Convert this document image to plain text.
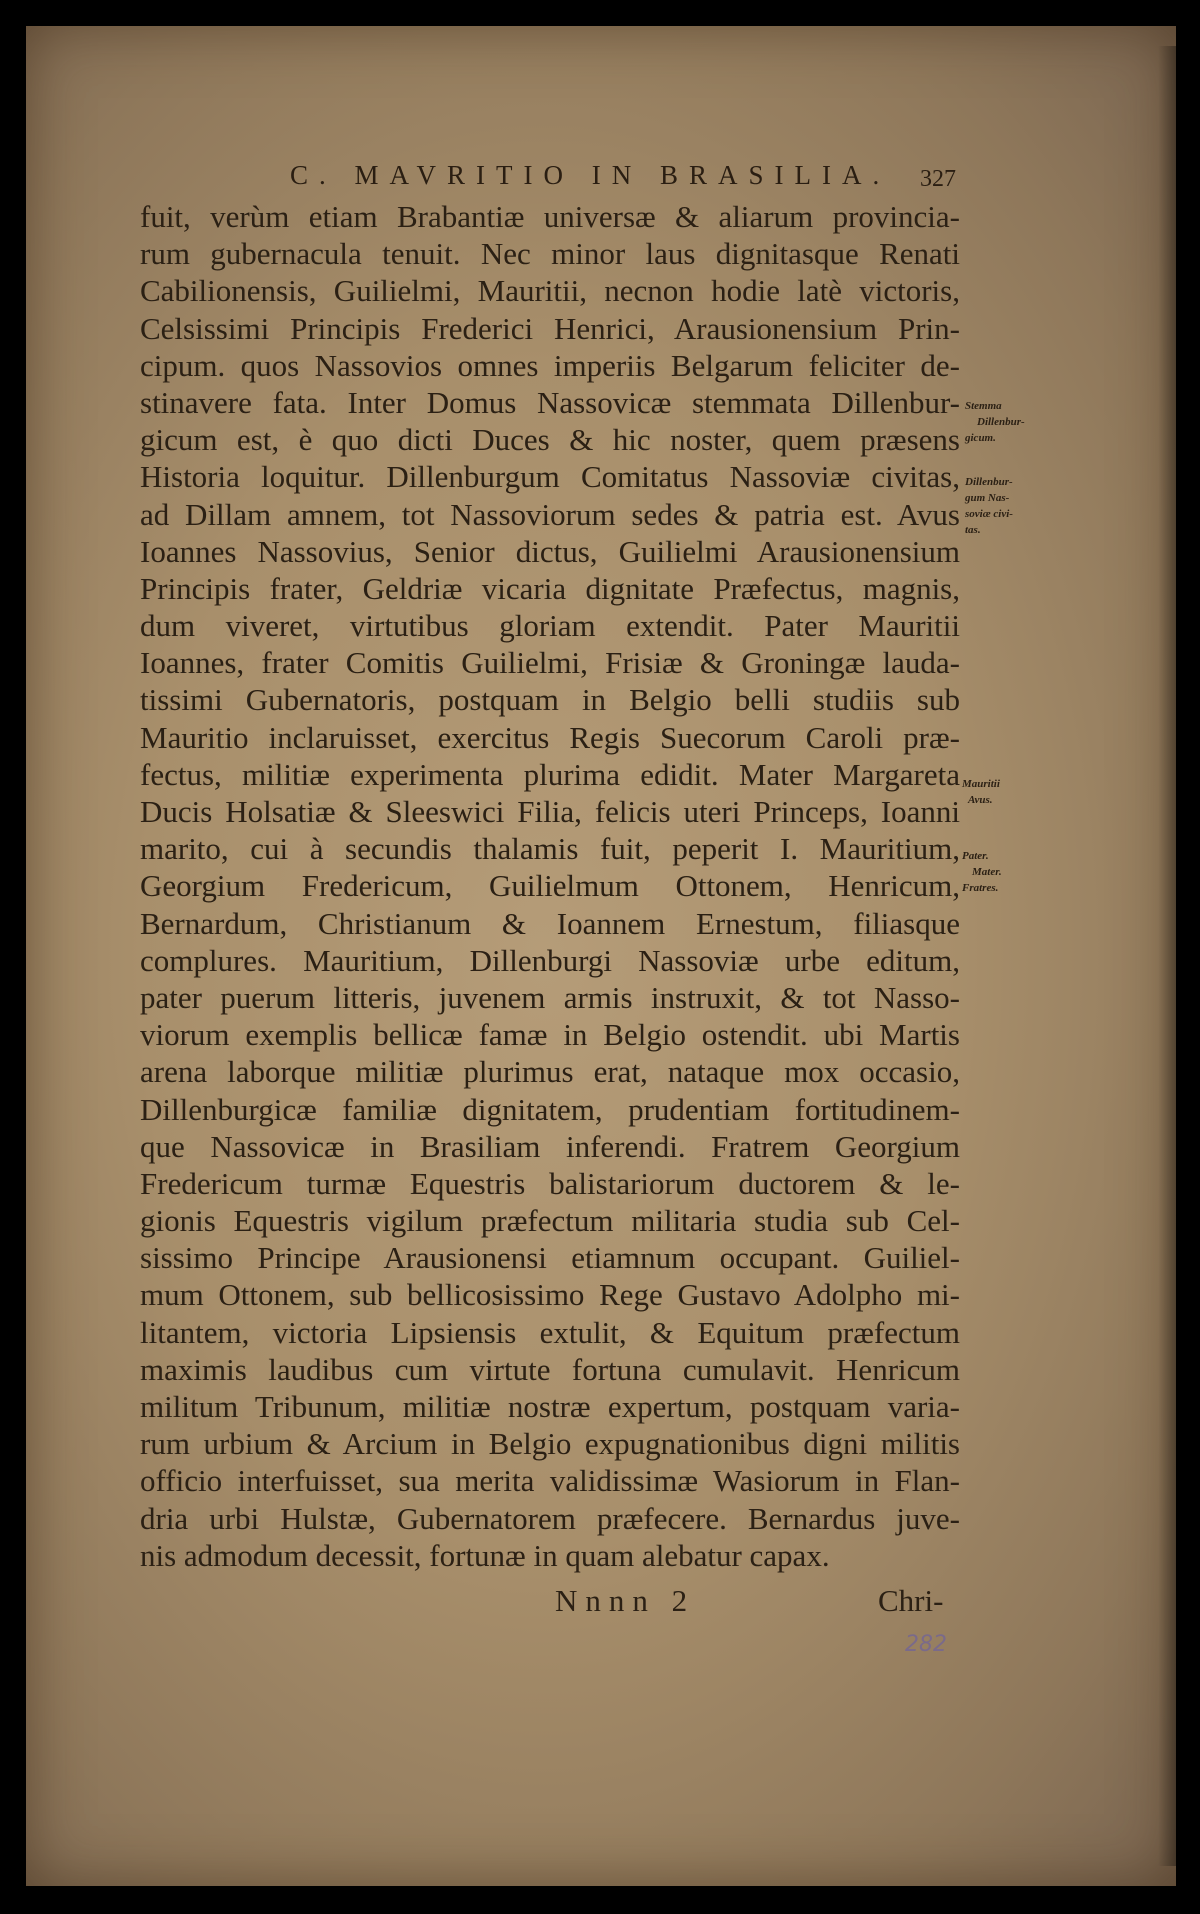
C. MAVRITIO IN BRASILIA. 327
fuit, verùm etiam Brabantiæ universæ & aliarum provincia-
rum gubernacula tenuit. Nec minor laus dignitasque Renati
Cabilionensis, Guilielmi, Mauritii, necnon hodie latè victoris,
Celsissimi Principis Frederici Henrici, Arausionensium Prin-
cipum. quos Nassovios omnes imperiis Belgarum feliciter de-
stinavere fata. Inter Domus Nassovicæ stemmata Dillenbur-
gicum est, è quo dicti Duces & hic noster, quem præsens
Historia loquitur. Dillenburgum Comitatus Nassoviæ civitas,
ad Dillam amnem, tot Nassoviorum sedes & patria est. Avus
Ioannes Nassovius, Senior dictus, Guilielmi Arausionensium
Principis frater, Geldriæ vicaria dignitate Præfectus, magnis,
dum viveret, virtutibus gloriam extendit. Pater Mauritii
Ioannes, frater Comitis Guilielmi, Frisiæ & Groningæ lauda-
tissimi Gubernatoris, postquam in Belgio belli studiis sub
Mauritio inclaruisset, exercitus Regis Suecorum Caroli præ-
fectus, militiæ experimenta plurima edidit. Mater Margareta
Ducis Holsatiæ & Sleeswici Filia, felicis uteri Princeps, Ioanni
marito, cui à secundis thalamis fuit, peperit I. Mauritium,
Georgium Fredericum, Guilielmum Ottonem, Henricum,
Bernardum, Christianum & Ioannem Ernestum, filiasque
complures. Mauritium, Dillenburgi Nassoviæ urbe editum,
pater puerum litteris, juvenem armis instruxit, & tot Nasso-
viorum exemplis bellicæ famæ in Belgio ostendit. ubi Martis
arena laborque militiæ plurimus erat, nataque mox occasio,
Dillenburgicæ familiæ dignitatem, prudentiam fortitudinem-
que Nassovicæ in Brasiliam inferendi. Fratrem Georgium
Fredericum turmæ Equestris balistariorum ductorem & le-
gionis Equestris vigilum præfectum militaria studia sub Cel-
sissimo Principe Arausionensi etiamnum occupant. Guiliel-
mum Ottonem, sub bellicosissimo Rege Gustavo Adolpho mi-
litantem, victoria Lipsiensis extulit, & Equitum præfectum
maximis laudibus cum virtute fortuna cumulavit. Henricum
militum Tribunum, militiæ nostræ expertum, postquam varia-
rum urbium & Arcium in Belgio expugnationibus digni militis
officio interfuisset, sua merita validissimæ Wasiorum in Flan-
dria urbi Hulstæ, Gubernatorem præfecere. Bernardus juve-
nis admodum decessit, fortunæ in quam alebatur capax.
Stemma
Dillenbur-
gicum.
Dillenbur-
gum Nas-
soviæ civi-
tas.
Mauritii
Avus.
Pater.
Mater.
Fratres.
Nnnn 2	Chri-
282
